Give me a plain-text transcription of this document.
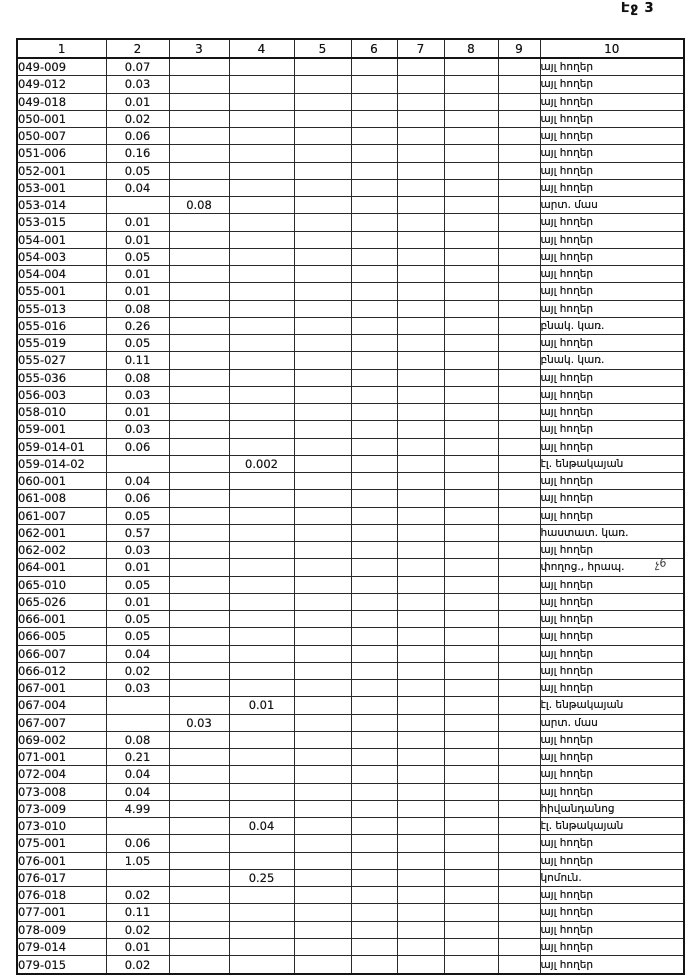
Էջ 3
1	2	3	4	5	6	7	8	9	10
049-009	0.07								այլ հողեր
049-012	0.03								այլ հողեր
049-018	0.01								այլ հողեր
050-001	0.02								այլ հողեր
050-007	0.06								այլ հողեր
051-006	0.16								այլ հողեր
052-001	0.05								այլ հողեր
053-001	0.04								այլ հողեր
053-014		0.08							արտ. մաս
053-015	0.01								այլ հողեր
054-001	0.01								այլ հողեր
054-003	0.05								այլ հողեր
054-004	0.01								այլ հողեր
055-001	0.01								այլ հողեր
055-013	0.08								այլ հողեր
055-016	0.26								բնակ. կառ.
055-019	0.05								այլ հողեր
055-027	0.11								բնակ. կառ.
055-036	0.08								այլ հողեր
056-003	0.03								այլ հողեր
058-010	0.01								այլ հողեր
059-001	0.03								այլ հողեր
059-014-01	0.06								այլ հողեր
059-014-02			0.002						էլ. ենթակայան
060-001	0.04								այլ հողեր
061-008	0.06								այլ հողեր
061-007	0.05								այլ հողեր
062-001	0.57								հաստատ. կառ.
062-002	0.03								այլ հողեր
064-001	0.01								փողոց., հրապ.
065-010	0.05								այլ հողեր
065-026	0.01								այլ հողեր
066-001	0.05								այլ հողեր
066-005	0.05								այլ հողեր
066-007	0.04								այլ հողեր
066-012	0.02								այլ հողեր
067-001	0.03								այլ հողեր
067-004			0.01						էլ. ենթակայան
067-007		0.03							արտ. մաս
069-002	0.08								այլ հողեր
071-001	0.21								այլ հողեր
072-004	0.04								այլ հողեր
073-008	0.04								այլ հողեր
073-009	4.99								հիվանդանոց
073-010			0.04						էլ. ենթակայան
075-001	0.06								այլ հողեր
076-001	1.05								այլ հողեր
076-017			0.25						կոմուն.
076-018	0.02								այլ հողեր
077-001	0.11								այլ հողեր
078-009	0.02								այլ հողեր
079-014	0.01								այլ հողեր
079-015	0.02								այլ հողեր
չ6
